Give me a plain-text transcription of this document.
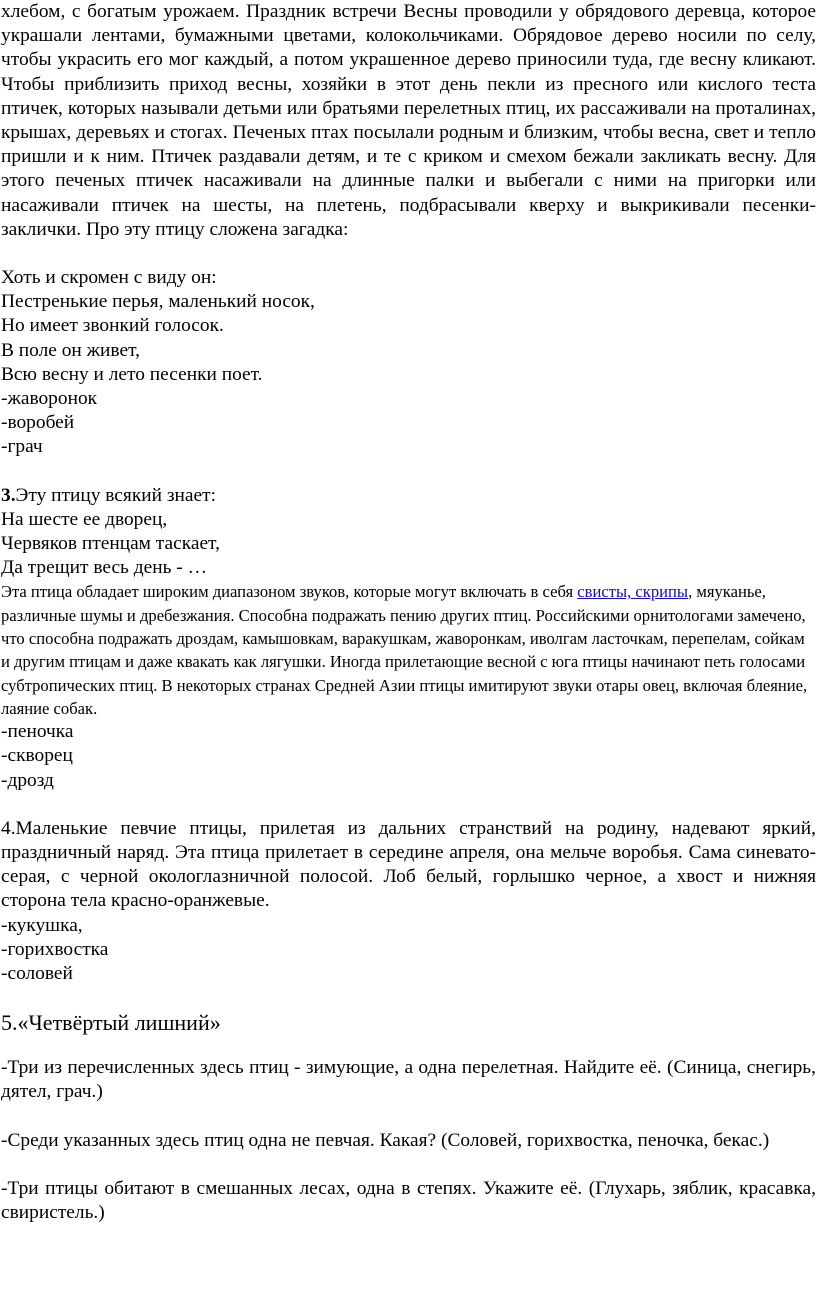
хлебом, с богатым урожаем. Праздник встречи Весны проводили у обрядового деревца, которое украшали лентами, бумажными цветами, колокольчиками. Обрядовое дерево носили по селу, чтобы украсить его мог каждый, а потом украшенное дерево приносили туда, где весну кликают. Чтобы приблизить приход весны, хозяйки в этот день пекли из пресного или кислого теста птичек, которых называли детьми или братьями перелетных птиц, их рассаживали на проталинах, крышах, деревьях и стогах. Печеных птах посылали родным и близким, чтобы весна, свет и тепло пришли и к ним. Птичек раздавали детям, и те с криком и смехом бежали закликать весну. Для этого печеных птичек насаживали на длинные палки и выбегали с ними на пригорки или насаживали птичек на шесты, на плетень, подбрасывали кверху и выкрикивали песенки-заклички. Про эту птицу сложена загадка:

Хоть и скромен с виду он:

Пестренькие перья, маленький носок,

Но имеет звонкий голосок.

В поле он живет,

Всю весну и лето песенки поет.

-жаворонок

-воробей

-грач

3.Эту птицу всякий знает:

На шесте ее дворец,

Червяков птенцам таскает,

Да трещит весь день - …

Эта птица обладает широким диапазоном звуков, которые могут включать в себя свисты, скрипы, мяуканье, различные шумы и дребезжания. Способна подражать пению других птиц. Российскими орнитологами замечено, что способна подражать дроздам, камышовкам, варакушкам, жаворонкам, иволгам ласточкам, перепелам, сойкам и другим птицам и даже квакать как лягушки. Иногда прилетающие весной с юга птицы начинают петь голосами субтропических птиц. В некоторых странах Средней Азии птицы имитируют звуки отары овец, включая блеяние, лаяние собак.

-пеночка

-скворец

-дрозд

4.Маленькие певчие птицы, прилетая из дальних странствий на родину, надевают яркий, праздничный наряд. Эта птица прилетает в середине апреля, она мельче воробья. Сама синевато-серая, с черной окологлазничной полосой. Лоб белый, горлышко черное, а хвост и нижняя сторона тела красно-оранжевые.

-кукушка,

-горихвостка

-соловей

5.«Четвёртый лишний»

-Три из перечисленных здесь птиц - зимующие, а одна перелетная. Найдите её. (Синица, снегирь, дятел, грач.)

-Среди указанных здесь птиц одна не певчая. Какая? (Соловей, горихвостка, пеночка, бекас.)

-Три птицы обитают в смешанных лесах, одна в степях. Укажите её. (Глухарь, зяблик, красавка, свиристель.)
